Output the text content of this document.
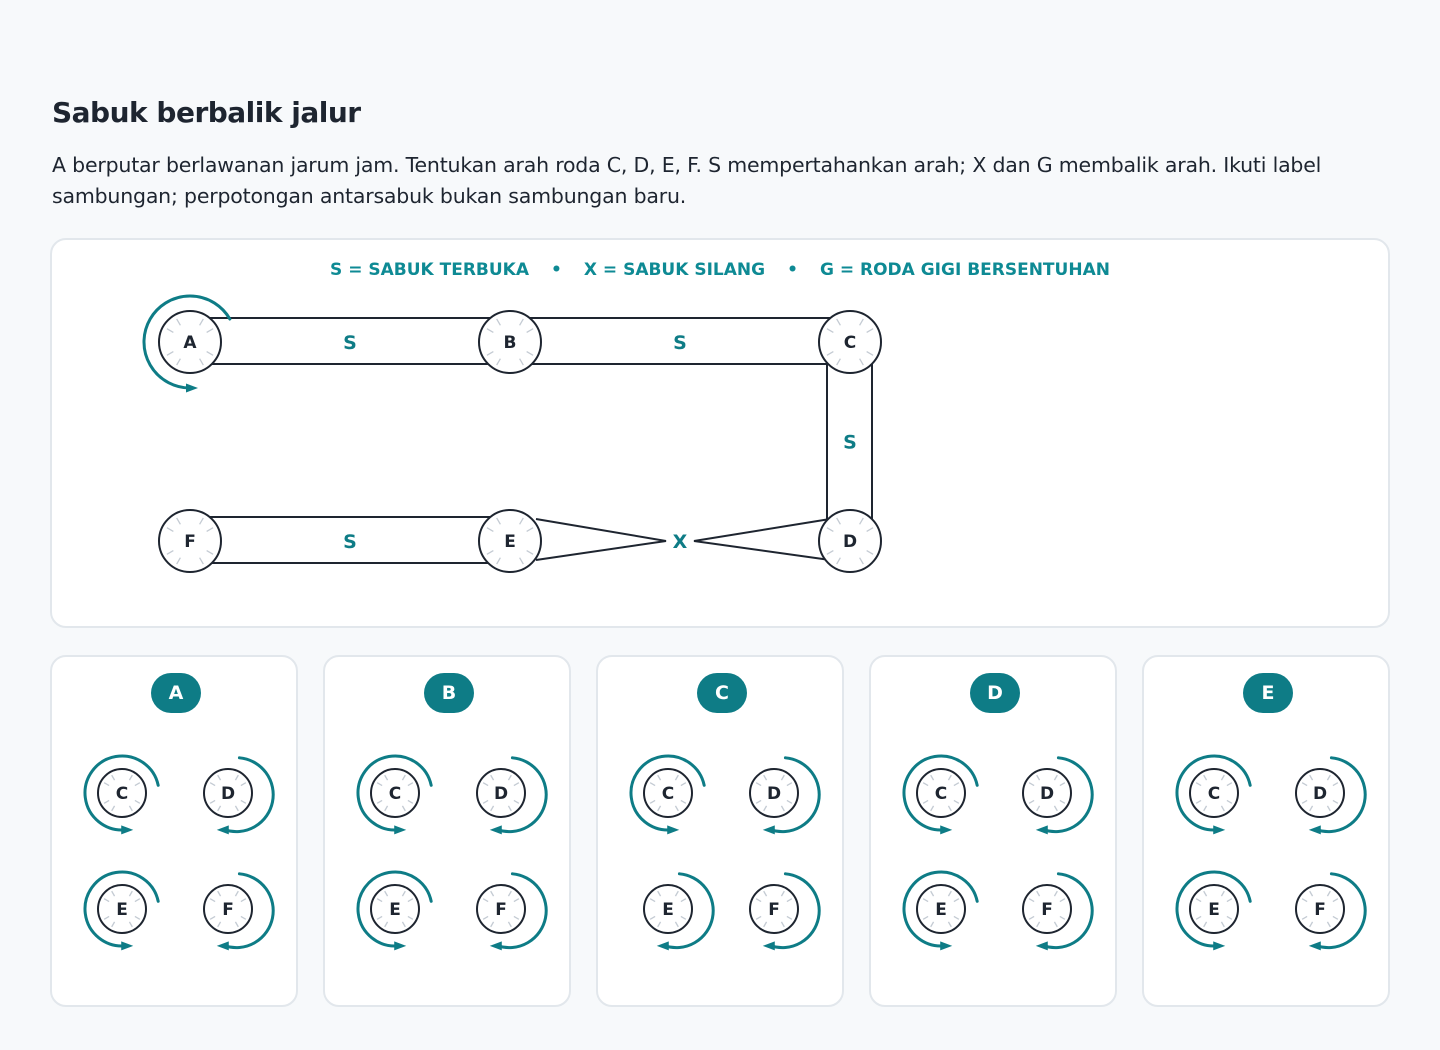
Sabuk berbalik jalur
A berputar berlawanan jarum jam. Tentukan arah roda C, D, E, F. S mempertahankan arah; X dan G membalik arah. Ikuti label sambungan; perpotongan antarsabuk bukan sambungan baru.
S = SABUK TERBUKA • X = SABUK SILANG • G = RODA GIGI BERSENTUHAN
S	S
S
X
S
A	B	C
D
E
F
A
C	D
E	F
B
C	D
E	F
C
C	D
E	F
D
C	D
E	F
E
C	D
E	F
